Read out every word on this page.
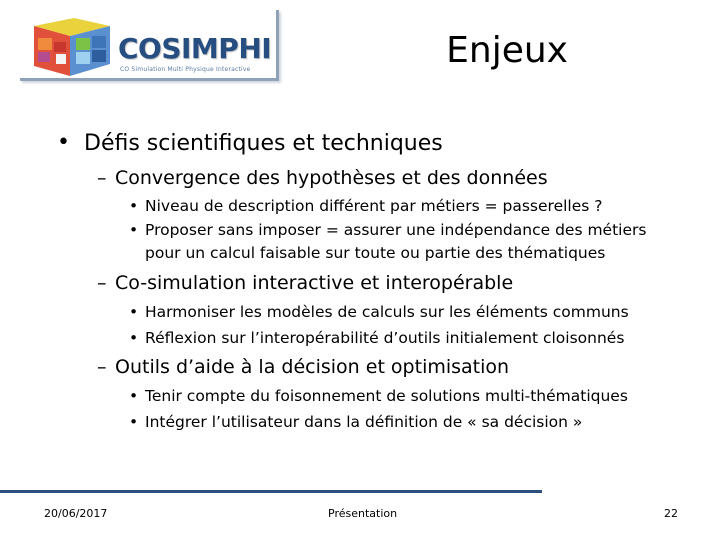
COSIMPHI
CO Simulation Multi Physique Interactive	Enjeux
• Défis scientifiques et techniques
– Convergence des hypothèses et des données
• Niveau de description différent par métiers = passerelles ?
• Proposer sans imposer = assurer une indépendance des métiers
pour un calcul faisable sur toute ou partie des thématiques
– Co-simulation interactive et interopérable
• Harmoniser les modèles de calculs sur les éléments communs
• Réflexion sur l’interopérabilité d’outils initialement cloisonnés
– Outils d’aide à la décision et optimisation
• Tenir compte du foisonnement de solutions multi-thématiques
• Intégrer l’utilisateur dans la définition de « sa décision »
20/06/2017	Présentation	22
